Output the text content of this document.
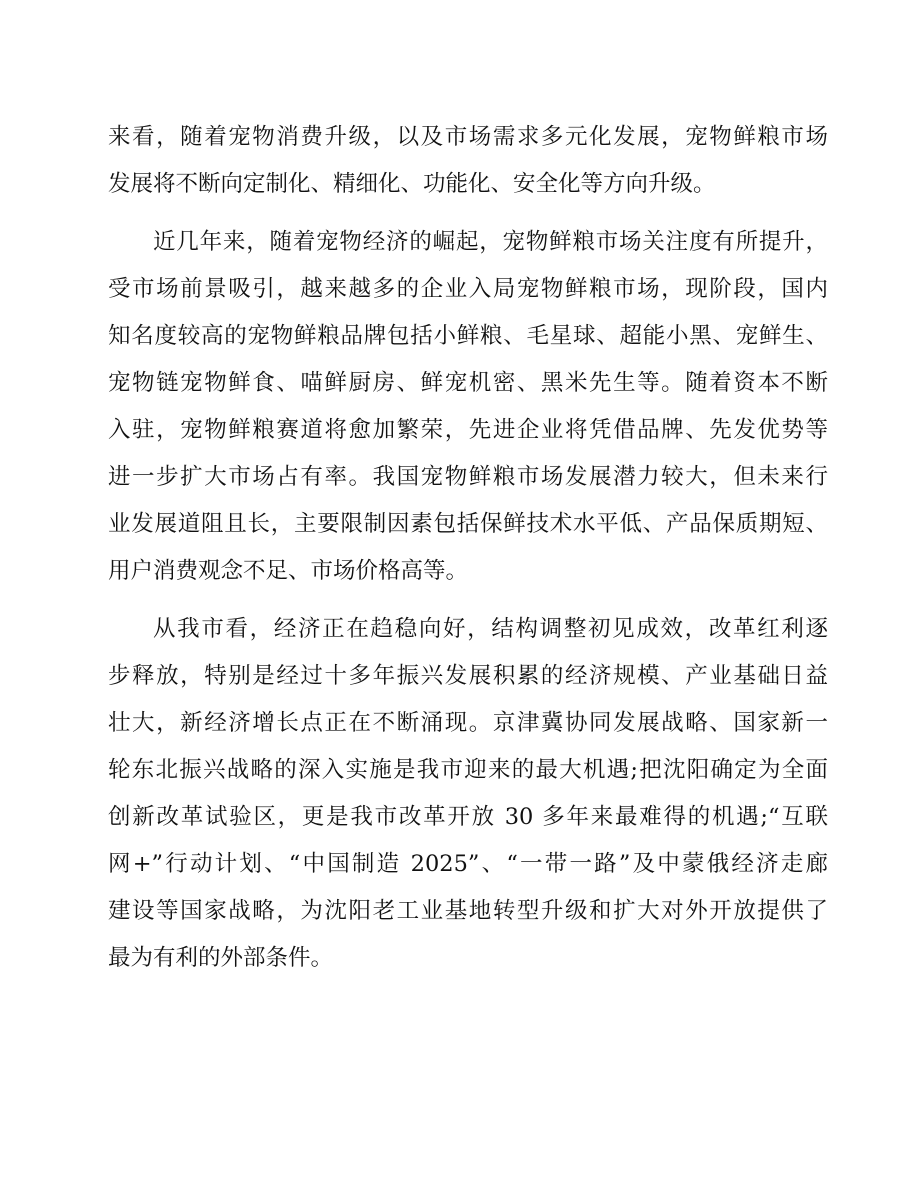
来看，随着宠物消费升级，以及市场需求多元化发展，宠物鲜粮市场
发展将不断向定制化、精细化、功能化、安全化等方向升级。
近几年来，随着宠物经济的崛起，宠物鲜粮市场关注度有所提升，
受市场前景吸引，越来越多的企业入局宠物鲜粮市场，现阶段，国内
知名度较高的宠物鲜粮品牌包括小鲜粮、毛星球、超能小黑、宠鲜生、
宠物链宠物鲜食、喵鲜厨房、鲜宠机密、黑米先生等。随着资本不断
入驻，宠物鲜粮赛道将愈加繁荣，先进企业将凭借品牌、先发优势等
进一步扩大市场占有率。我国宠物鲜粮市场发展潜力较大，但未来行
业发展道阻且长，主要限制因素包括保鲜技术水平低、产品保质期短、
用户消费观念不足、市场价格高等。
从我市看，经济正在趋稳向好，结构调整初见成效，改革红利逐
步释放，特别是经过十多年振兴发展积累的经济规模、产业基础日益
壮大，新经济增长点正在不断涌现。京津冀协同发展战略、国家新一
轮东北振兴战略的深入实施是我市迎来的最大机遇;把沈阳确定为全面
创新改革试验区，更是我市改革开放 30 多年来最难得的机遇;“互联
网+”行动计划、“中国制造 2025”、“一带一路”及中蒙俄经济走廊
建设等国家战略，为沈阳老工业基地转型升级和扩大对外开放提供了
最为有利的外部条件。
